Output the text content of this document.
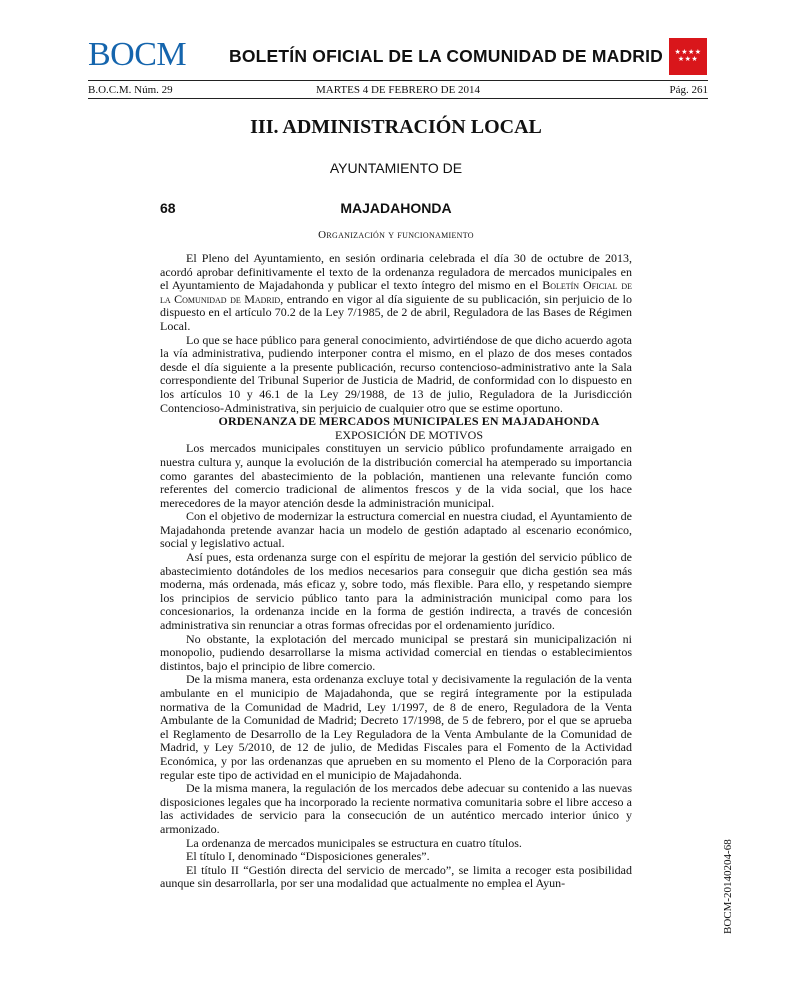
BOCM BOLETÍN OFICIAL DE LA COMUNIDAD DE MADRID	★★★★
★★★
B.O.C.M. Núm. 29	MARTES 4 DE FEBRERO DE 2014	Pág. 261
III. ADMINISTRACIÓN LOCAL
AYUNTAMIENTO DE
68	MAJADAHONDA
Organización y funcionamiento

El Pleno del Ayuntamiento, en sesión ordinaria celebrada el día 30 de octubre de 2013, acordó aprobar definitivamente el texto de la ordenanza reguladora de mercados municipales en el Ayuntamiento de Majadahonda y publicar el texto íntegro del mismo en el Boletín Oficial de la Comunidad de Madrid, entrando en vigor al día siguiente de su publicación, sin perjuicio de lo dispuesto en el artículo 70.2 de la Ley 7/1985, de 2 de abril, Reguladora de las Bases de Régimen Local.

Lo que se hace público para general conocimiento, advirtiéndose de que dicho acuerdo agota la vía administrativa, pudiendo interponer contra el mismo, en el plazo de dos meses contados desde el día siguiente a la presente publicación, recurso contencioso-administrativo ante la Sala correspondiente del Tribunal Superior de Justicia de Madrid, de conformidad con lo dispuesto en los artículos 10 y 46.1 de la Ley 29/1988, de 13 de julio, Reguladora de la Jurisdicción Contencioso-Administrativa, sin perjuicio de cualquier otro que se estime oportuno.

ORDENANZA DE MERCADOS MUNICIPALES EN MAJADAHONDA

EXPOSICIÓN DE MOTIVOS

Los mercados municipales constituyen un servicio público profundamente arraigado en nuestra cultura y, aunque la evolución de la distribución comercial ha atemperado su importancia como garantes del abastecimiento de la población, mantienen una relevante función como referentes del comercio tradicional de alimentos frescos y de la vida social, que los hace merecedores de la mayor atención desde la administración municipal.

Con el objetivo de modernizar la estructura comercial en nuestra ciudad, el Ayuntamiento de Majadahonda pretende avanzar hacia un modelo de gestión adaptado al escenario económico, social y legislativo actual.

Así pues, esta ordenanza surge con el espíritu de mejorar la gestión del servicio público de abastecimiento dotándoles de los medios necesarios para conseguir que dicha gestión sea más moderna, más ordenada, más eficaz y, sobre todo, más flexible. Para ello, y respetando siempre los principios de servicio público tanto para la administración municipal como para los concesionarios, la ordenanza incide en la forma de gestión indirecta, a través de concesión administrativa sin renunciar a otras formas ofrecidas por el ordenamiento jurídico.

No obstante, la explotación del mercado municipal se prestará sin municipalización ni monopolio, pudiendo desarrollarse la misma actividad comercial en tiendas o establecimientos distintos, bajo el principio de libre comercio.

De la misma manera, esta ordenanza excluye total y decisivamente la regulación de la venta ambulante en el municipio de Majadahonda, que se regirá íntegramente por la estipulada normativa de la Comunidad de Madrid, Ley 1/1997, de 8 de enero, Reguladora de la Venta Ambulante de la Comunidad de Madrid; Decreto 17/1998, de 5 de febrero, por el que se aprueba el Reglamento de Desarrollo de la Ley Reguladora de la Venta Ambulante de la Comunidad de Madrid, y Ley 5/2010, de 12 de julio, de Medidas Fiscales para el Fomento de la Actividad Económica, y por las ordenanzas que aprueben en su momento el Pleno de la Corporación para regular este tipo de actividad en el municipio de Majadahonda.

De la misma manera, la regulación de los mercados debe adecuar su contenido a las nuevas disposiciones legales que ha incorporado la reciente normativa comunitaria sobre el libre acceso a las actividades de servicio para la consecución de un auténtico mercado interior único y armonizado.

La ordenanza de mercados municipales se estructura en cuatro títulos.

El título I, denominado “Disposiciones generales”.

El título II “Gestión directa del servicio de mercado”, se limita a recoger esta posibilidad aunque sin desarrollarla, por ser una modalidad que actualmente no emplea el Ayun-	BOCM-20140204-68
